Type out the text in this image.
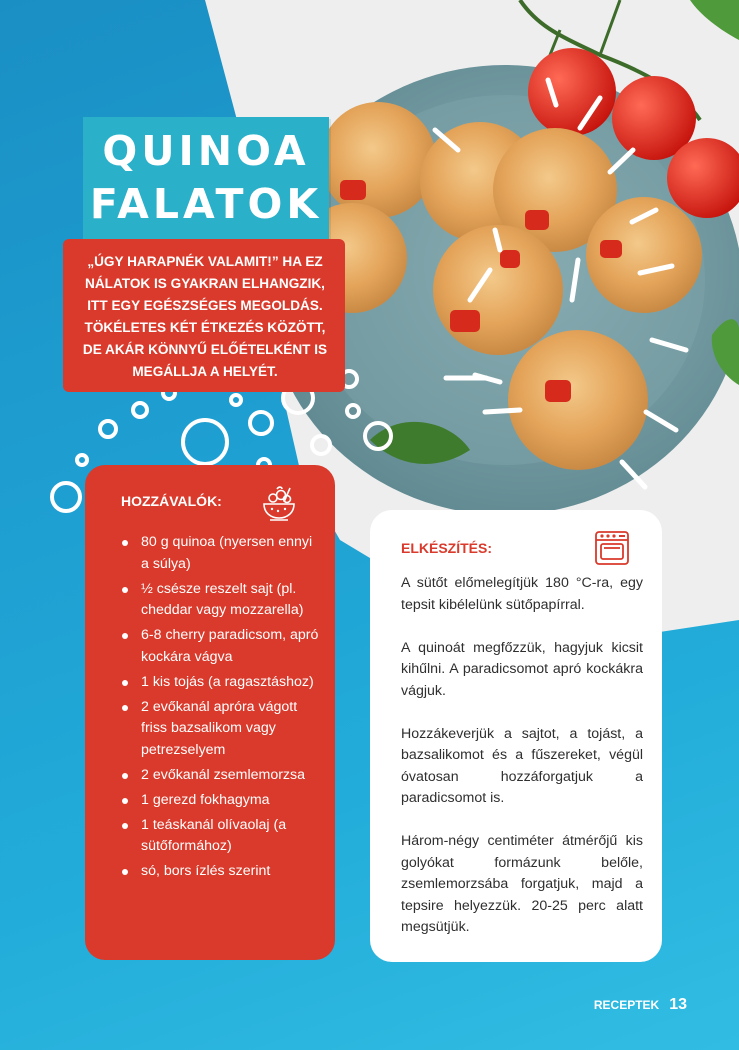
QUINOA
FALATOK
„ÚGY HARAPNÉK VALAMIT!” HA EZ NÁLATOK IS GYAKRAN ELHANGZIK, ITT EGY EGÉSZSÉGES MEGOLDÁS. TÖKÉLETES KÉT ÉTKEZÉS KÖZÖTT, DE AKÁR KÖNNYŰ ELŐÉTELKÉNT IS MEGÁLLJA A HELYÉT.
HOZZÁVALÓK:
80 g quinoa (nyersen ennyi a súlya)
½ csésze reszelt sajt (pl. cheddar vagy mozzarella)
6-8 cherry paradicsom, apró kockára vágva
1 kis tojás (a ragasztáshoz)
2 evőkanál apróra vágott friss bazsalikom vagy petrezselyem
2 evőkanál zsemlemorzsa
1 gerezd fokhagyma
1 teáskanál olívaolaj (a sütőformához)
só, bors ízlés szerint
ELKÉSZÍTÉS:

A sütőt előmelegítjük 180 °C-ra, egy tepsit kibélelünk sütőpapírral.

A quinoát megfőzzük, hagyjuk kicsit kihűlni. A paradicsomot apró kockákra vágjuk.

Hozzákeverjük a sajtot, a tojást, a bazsalikomot és a fűszereket, végül óvatosan hozzáforgatjuk a paradicsomot is.

Három-négy centiméter átmérőjű kis golyókat formázunk belőle, zsemlemorzsába forgatjuk, majd a tepsire helyezzük. 20-25 perc alatt megsütjük.

RECEPTEK 13
